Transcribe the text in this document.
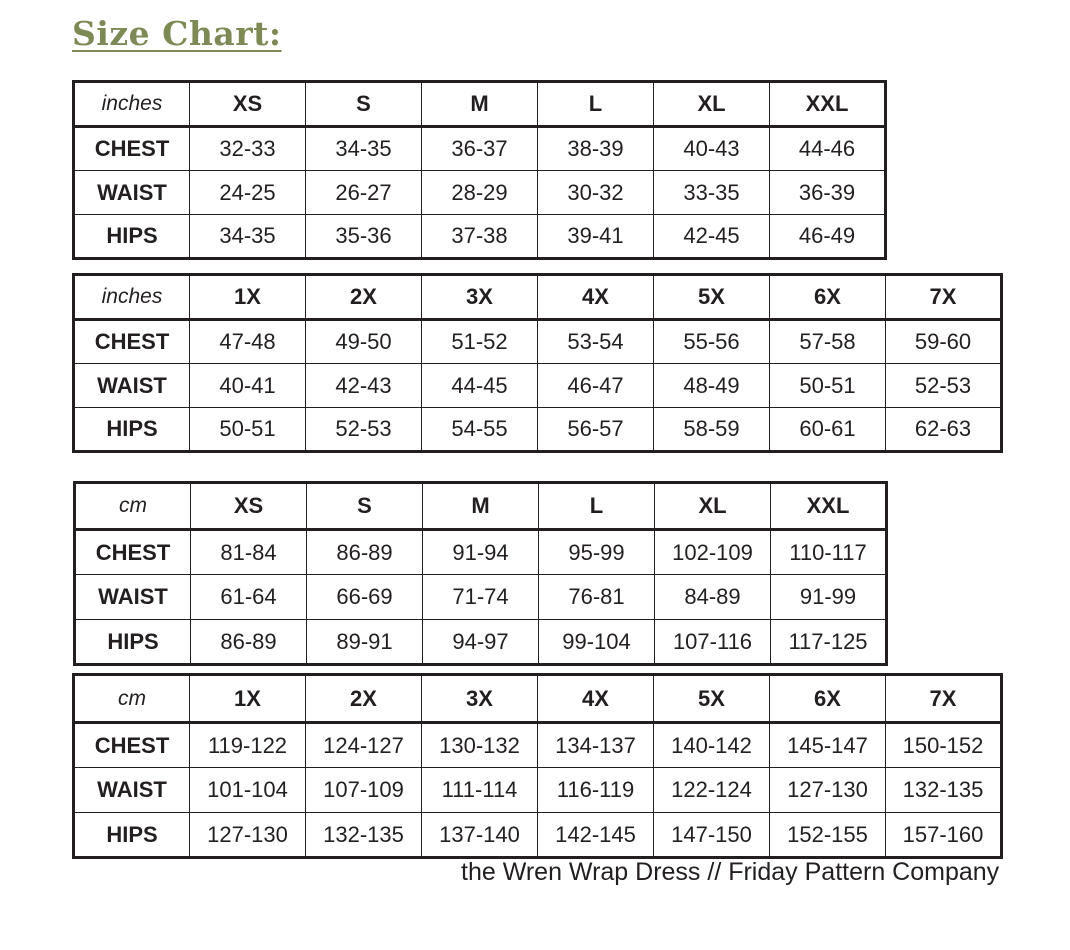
Size Chart:
inches	XS	S	M	L	XL	XXL
CHEST	32-33	34-35	36-37	38-39	40-43	44-46
WAIST	24-25	26-27	28-29	30-32	33-35	36-39
HIPS	34-35	35-36	37-38	39-41	42-45	46-49
inches	1X	2X	3X	4X	5X	6X	7X
CHEST	47-48	49-50	51-52	53-54	55-56	57-58	59-60
WAIST	40-41	42-43	44-45	46-47	48-49	50-51	52-53
HIPS	50-51	52-53	54-55	56-57	58-59	60-61	62-63
cm	XS	S	M	L	XL	XXL
CHEST	81-84	86-89	91-94	95-99	102-109	110-117
WAIST	61-64	66-69	71-74	76-81	84-89	91-99
HIPS	86-89	89-91	94-97	99-104	107-116	117-125
cm	1X	2X	3X	4X	5X	6X	7X
CHEST	119-122	124-127	130-132	134-137	140-142	145-147	150-152
WAIST	101-104	107-109	111-114	116-119	122-124	127-130	132-135
HIPS	127-130	132-135	137-140	142-145	147-150	152-155	157-160

the Wren Wrap Dress // Friday Pattern Company
